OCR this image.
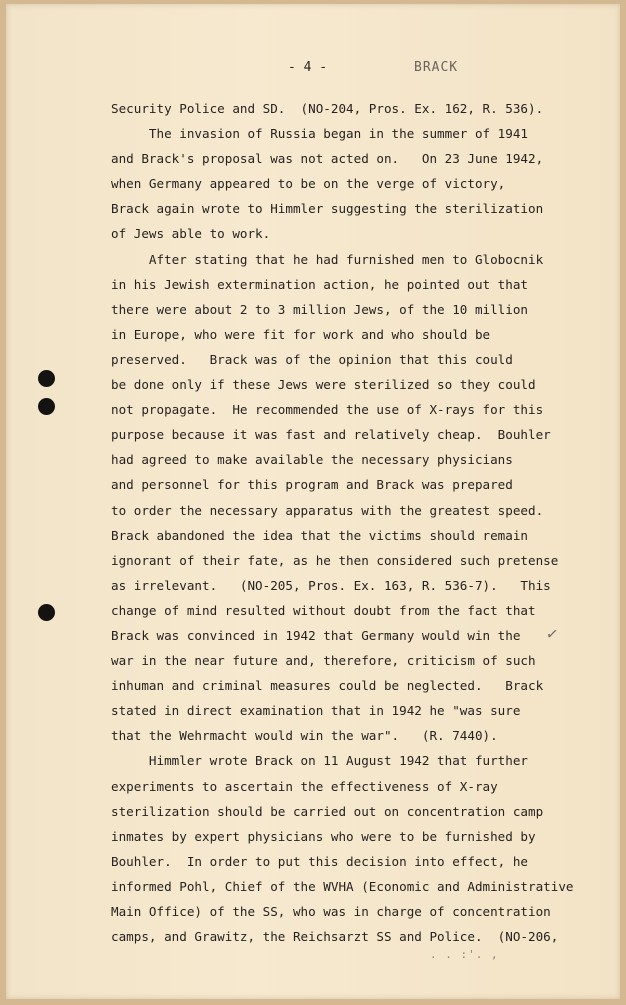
- 4 -	BRACK
Security Police and SD.  (NO-204, Pros. Ex. 162, R. 536).
The invasion of Russia began in the summer of 1941
and Brack's proposal was not acted on.   On 23 June 1942,
when Germany appeared to be on the verge of victory,
Brack again wrote to Himmler suggesting the sterilization
of Jews able to work.
After stating that he had furnished men to Globocnik
in his Jewish extermination action, he pointed out that
there were about 2 to 3 million Jews, of the 10 million
in Europe, who were fit for work and who should be
preserved.   Brack was of the opinion that this could
be done only if these Jews were sterilized so they could
not propagate.  He recommended the use of X-rays for this
purpose because it was fast and relatively cheap.  Bouhler
had agreed to make available the necessary physicians
and personnel for this program and Brack was prepared
to order the necessary apparatus with the greatest speed.
Brack abandoned the idea that the victims should remain
ignorant of their fate, as he then considered such pretense
as irrelevant.   (NO-205, Pros. Ex. 163, R. 536-7).   This
change of mind resulted without doubt from the fact that
Brack was convinced in 1942 that Germany would win the
war in the near future and, therefore, criticism of such
inhuman and criminal measures could be neglected.   Brack
stated in direct examination that in 1942 he "was sure
that the Wehrmacht would win the war".   (R. 7440).
Himmler wrote Brack on 11 August 1942 that further
experiments to ascertain the effectiveness of X-ray
sterilization should be carried out on concentration camp
inmates by expert physicians who were to be furnished by
Bouhler.  In order to put this decision into effect, he
informed Pohl, Chief of the WVHA (Economic and Administrative
Main Office) of the SS, who was in charge of concentration
camps, and Grawitz, the Reichsarzt SS and Police.  (NO-206,
✓
. . :'. ,
